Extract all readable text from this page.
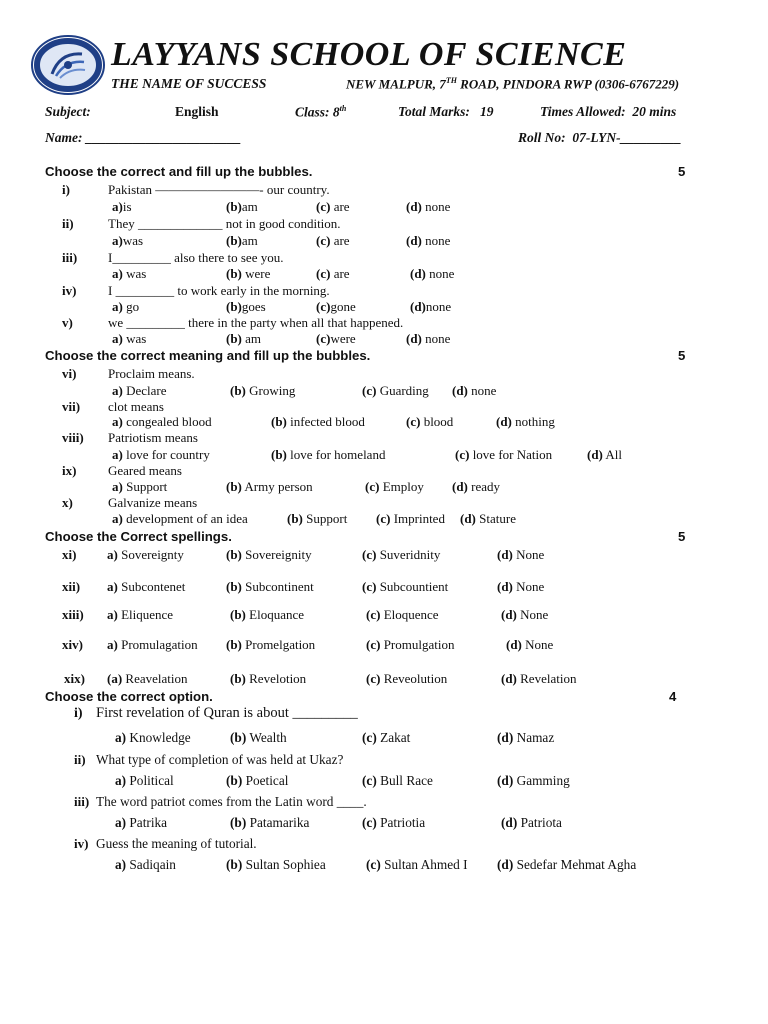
LAYYANS SCHOOL OF SCIENCE
THE NAME OF SUCCESS	NEW MALPUR, 7TH ROAD, PINDORA RWP (0306-6767229)
Subject:	English	Class: 8th	Total Marks: 19	Times Allowed: 20 mins
Name: _______________________	Roll No: 07-LYN-_________
Choose the correct and fill up the bubbles.	5
i)	Pakistan ————————- our country.
a)is	(b)am	(c) are	(d) none
ii)	They _____________ not in good condition.
a)was	(b)am	(c) are	(d) none
iii) I_________ also there to see you.
a) was	(b) were	(c) are	(d) none
iv) I _________ to work early in the morning.
a) go	(b)goes	(c)gone	(d)none
v)	we _________ there in the party when all that happened.
a) was	(b) am	(c)were	(d) none
Choose the correct meaning and fill up the bubbles.	5
vi) Proclaim means.
a) Declare	(b) Growing	(c) Guarding (d) none
vii) clot means
a) congealed blood	(b) infected blood	(c) blood	(d) nothing
viii) Patriotism means
a) love for country	(b) love for homeland	(c) love for Nation	(d) All
ix) Geared means
a) Support	(b) Army person	(c) Employ (d) ready
x)	Galvanize means
a) development of an idea	(b) Support (c) Imprinted (d) Stature
Choose the Correct spellings.	5
xi) a) Sovereignty	(b) Sovereignity	(c) Suveridnity	(d) None
xii) a) Subcontenet	(b) Subcontinent	(c) Subcountient	(d) None
xiii) a) Eliquence	(b) Eloquance	(c) Eloquence	(d) None
xiv) a) Promulagation (b) Promelgation	(c) Promulgation	(d) None
xix) (a) Reavelation	(b) Revelotion	(c) Reveolution	(d) Revelation
Choose the correct option.	4
i) First revelation of Quran is about _________
a) Knowledge	(b) Wealth	(c) Zakat	(d) Namaz
ii) What type of completion of was held at Ukaz?
a) Political	(b) Poetical	(c) Bull Race	(d) Gamming
iii) The word patriot comes from the Latin word ____.
a) Patrika	(b) Patamarika	(c) Patriotia	(d) Patriota
iv) Guess the meaning of tutorial.
a) Sadiqain	(b) Sultan Sophiea	(c) Sultan Ahmed I (d) Sedefar Mehmat Agha
